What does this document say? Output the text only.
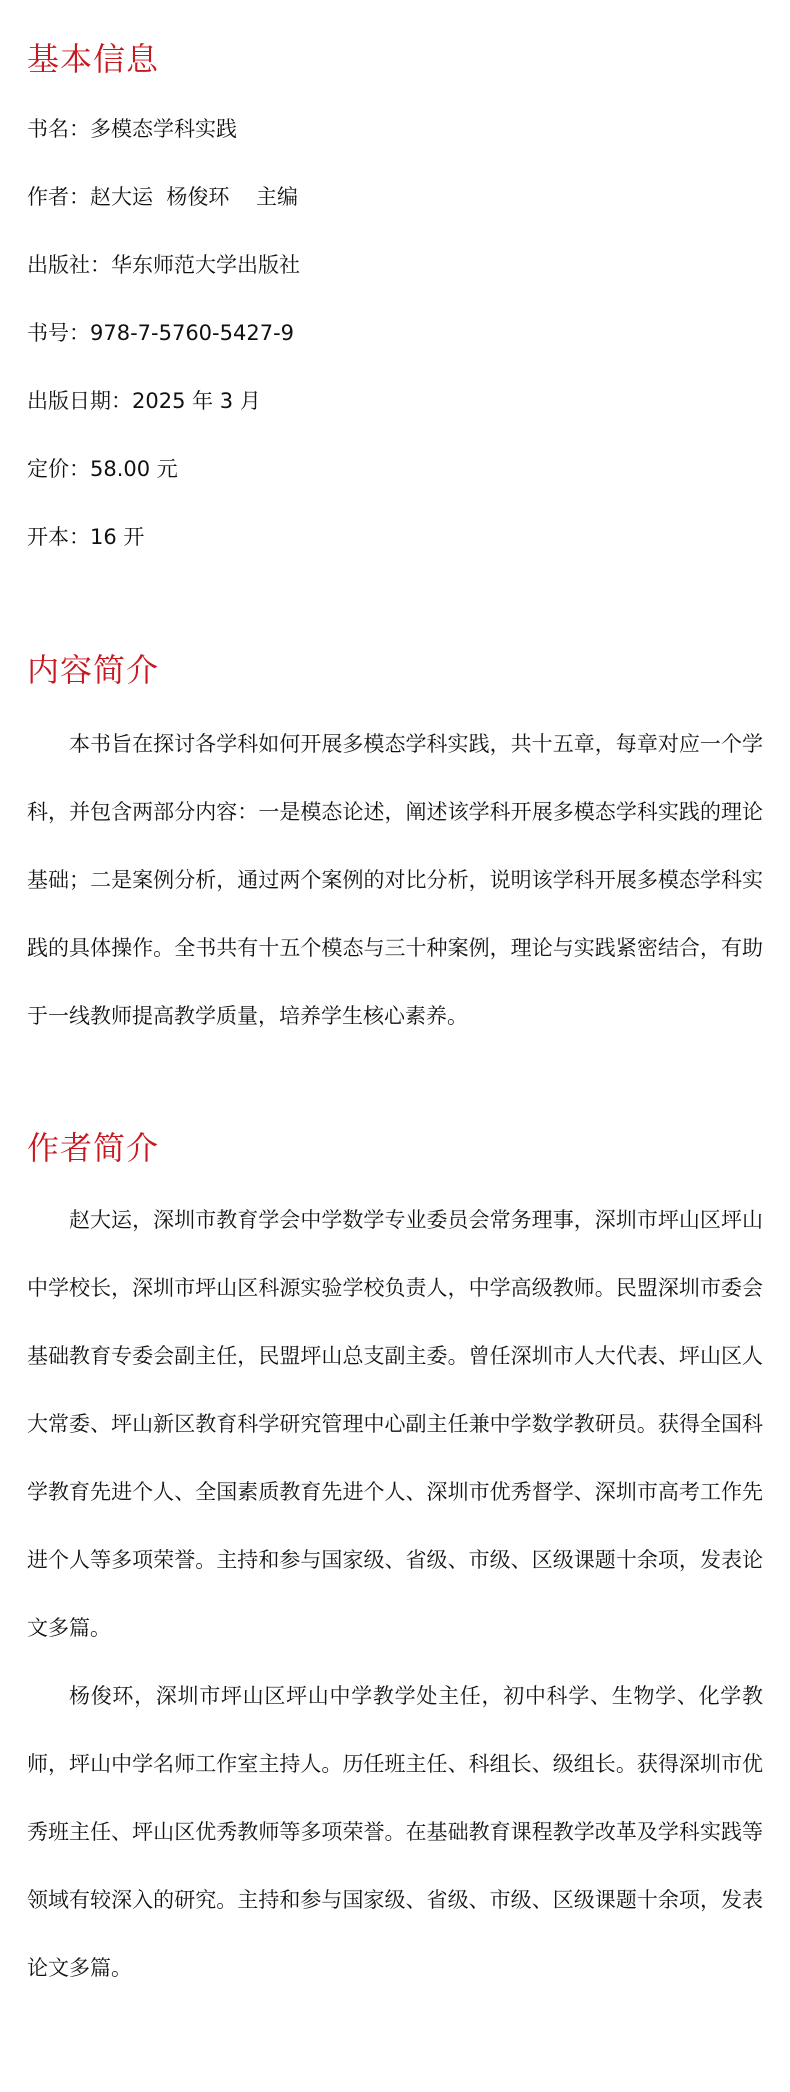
基本信息
书名：多模态学科实践
作者：赵大运  杨俊环    主编
出版社：华东师范大学出版社
书号：978-7-5760-5427-9
出版日期：2025 年 3 月
定价：58.00 元
开本：16 开
内容简介

本书旨在探讨各学科如何开展多模态学科实践，共十五章，每章对应一个学科，并包含两部分内容：一是模态论述，阐述该学科开展多模态学科实践的理论基础；二是案例分析，通过两个案例的对比分析，说明该学科开展多模态学科实践的具体操作。全书共有十五个模态与三十种案例，理论与实践紧密结合，有助于一线教师提高教学质量，培养学生核心素养。

作者简介

赵大运，深圳市教育学会中学数学专业委员会常务理事，深圳市坪山区坪山中学校长，深圳市坪山区科源实验学校负责人，中学高级教师。民盟深圳市委会基础教育专委会副主任，民盟坪山总支副主委。曾任深圳市人大代表、坪山区人大常委、坪山新区教育科学研究管理中心副主任兼中学数学教研员。获得全国科学教育先进个人、全国素质教育先进个人、深圳市优秀督学、深圳市高考工作先进个人等多项荣誉。主持和参与国家级、省级、市级、区级课题十余项，发表论文多篇。

杨俊环，深圳市坪山区坪山中学教学处主任，初中科学、生物学、化学教师，坪山中学名师工作室主持人。历任班主任、科组长、级组长。获得深圳市优秀班主任、坪山区优秀教师等多项荣誉。在基础教育课程教学改革及学科实践等领域有较深入的研究。主持和参与国家级、省级、市级、区级课题十余项，发表论文多篇。
